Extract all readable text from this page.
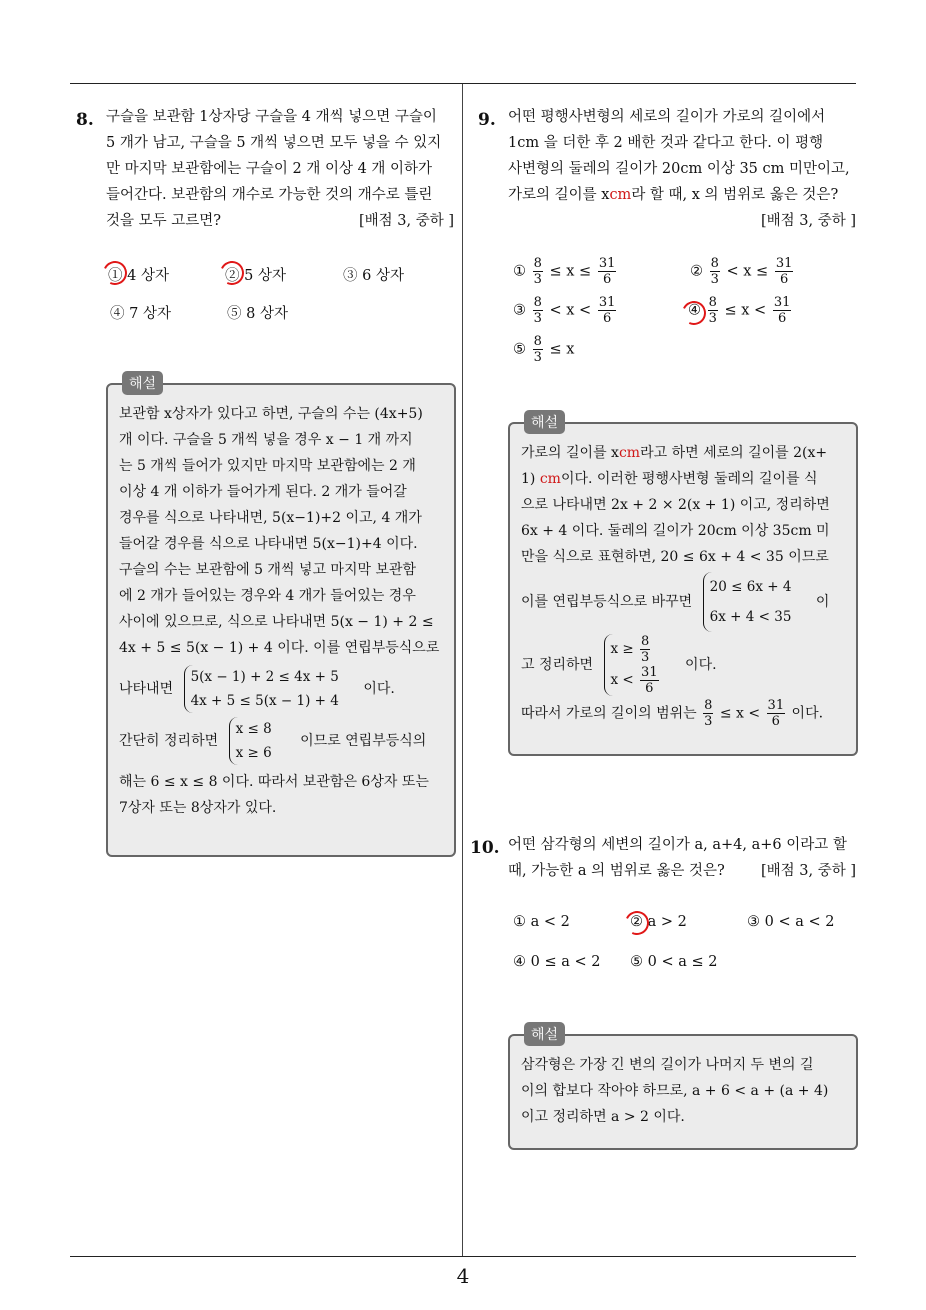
4
8. 구슬을 보관함 1상자당 구슬을 4 개씩 넣으면 구슬이
5 개가 남고, 구슬을 5 개씩 넣으면 모두 넣을 수 있지
만 마지막 보관함에는 구슬이 2 개 이상 4 개 이하가
들어간다. 보관함의 개수로 가능한 것의 개수로 틀린
것을 모두 고르면?	[배점 3, 중하 ]
① 4 상자	② 5 상자	③ 6 상자
④ 7 상자	⑤ 8 상자
해설
보관함 x상자가 있다고 하면, 구슬의 수는 (4x+5)
개 이다. 구슬을 5 개씩 넣을 경우 x − 1 개 까지
는 5 개씩 들어가 있지만 마지막 보관함에는 2 개
이상 4 개 이하가 들어가게 된다. 2 개가 들어갈
경우를 식으로 나타내면, 5(x−1)+2 이고, 4 개가
들어갈 경우를 식으로 나타내면 5(x−1)+4 이다.
구슬의 수는 보관함에 5 개씩 넣고 마지막 보관함
에 2 개가 들어있는 경우와 4 개가 들어있는 경우
사이에 있으므로, 식으로 나타내면 5(x − 1) + 2 ≤
4x + 5 ≤ 5(x − 1) + 4 이다. 이를 연립부등식으로
나타내면
5(x − 1) + 2 ≤ 4x + 5
4x + 5 ≤ 5(x − 1) + 4
이다.
간단히 정리하면
x ≤ 8
x ≥ 6
이므로 연립부등식의
해는 6 ≤ x ≤ 8 이다. 따라서 보관함은 6상자 또는
7상자 또는 8상자가 있다.
9. 어떤 평행사변형의 세로의 길이가 가로의 길이에서
1cm 을 더한 후 2 배한 것과 같다고 한다. 이 평행
사변형의 둘레의 길이가 20cm 이상 35 cm 미만이고,
가로의 길이를 xcm라 할 때, x 의 범위로 옳은 것은?
[배점 3, 중하 ]
① $\frac{8}{3} \le x \le \frac{31}{6}$	② $\frac{8}{3} < x \le \frac{31}{6}$
③ $\frac{8}{3} < x < \frac{31}{6}$	④ $\frac{8}{3} \le x < \frac{31}{6}$
⑤ $\frac{8}{3} \le x$
해설
가로의 길이를 xcm라고 하면 세로의 길이를 2(x+
1) cm이다. 이러한 평행사변형 둘레의 길이를 식
으로 나타내면 2x + 2 × 2(x + 1) 이고, 정리하면
6x + 4 이다. 둘레의 길이가 20cm 이상 35cm 미
만을 식으로 표현하면, 20 ≤ 6x + 4 < 35 이므로
이를 연립부등식으로 바꾸면
20 ≤ 6x + 4
6x + 4 < 35
이
고 정리하면
$x \ge \frac{8}{3}$
$x < \frac{31}{6}$ 이다.
따라서 가로의 길이의 범위는 $\frac{8}{3} \le x < \frac{31}{6}$ 이다.
10. 어떤 삼각형의 세변의 길이가 a, a+4, a+6 이라고 할
때, 가능한 a 의 범위로 옳은 것은? [배점 3, 중하 ]
① a < 2	② a > 2	③ 0 < a < 2
④ 0 ≤ a < 2 ⑤ 0 < a ≤ 2
해설
삼각형은 가장 긴 변의 길이가 나머지 두 변의 길
이의 합보다 작아야 하므로, a + 6 < a + (a + 4)
이고 정리하면 a > 2 이다.
